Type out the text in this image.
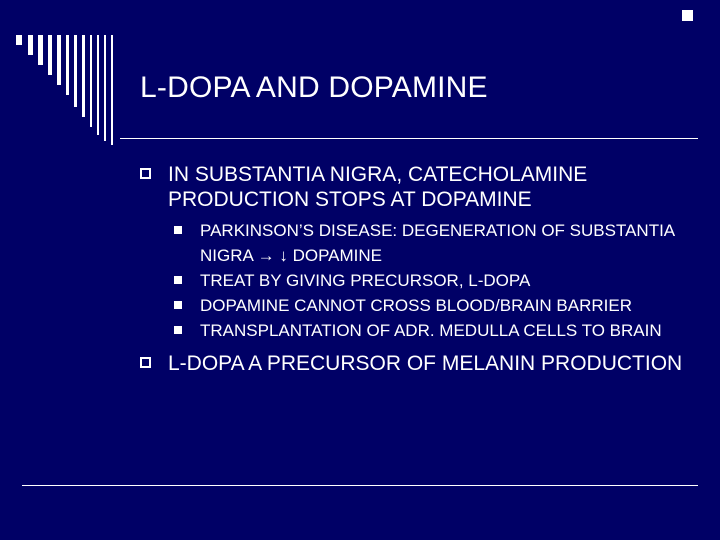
L-DOPA AND DOPAMINE
IN SUBSTANTIA NIGRA, CATECHOLAMINE PRODUCTION STOPS AT DOPAMINE
PARKINSON’S DISEASE: DEGENERATION OF SUBSTANTIA NIGRA → ↓ DOPAMINE
TREAT BY GIVING PRECURSOR, L-DOPA
DOPAMINE CANNOT CROSS BLOOD/BRAIN BARRIER
TRANSPLANTATION OF ADR. MEDULLA CELLS TO BRAIN
L-DOPA A PRECURSOR OF MELANIN PRODUCTION
